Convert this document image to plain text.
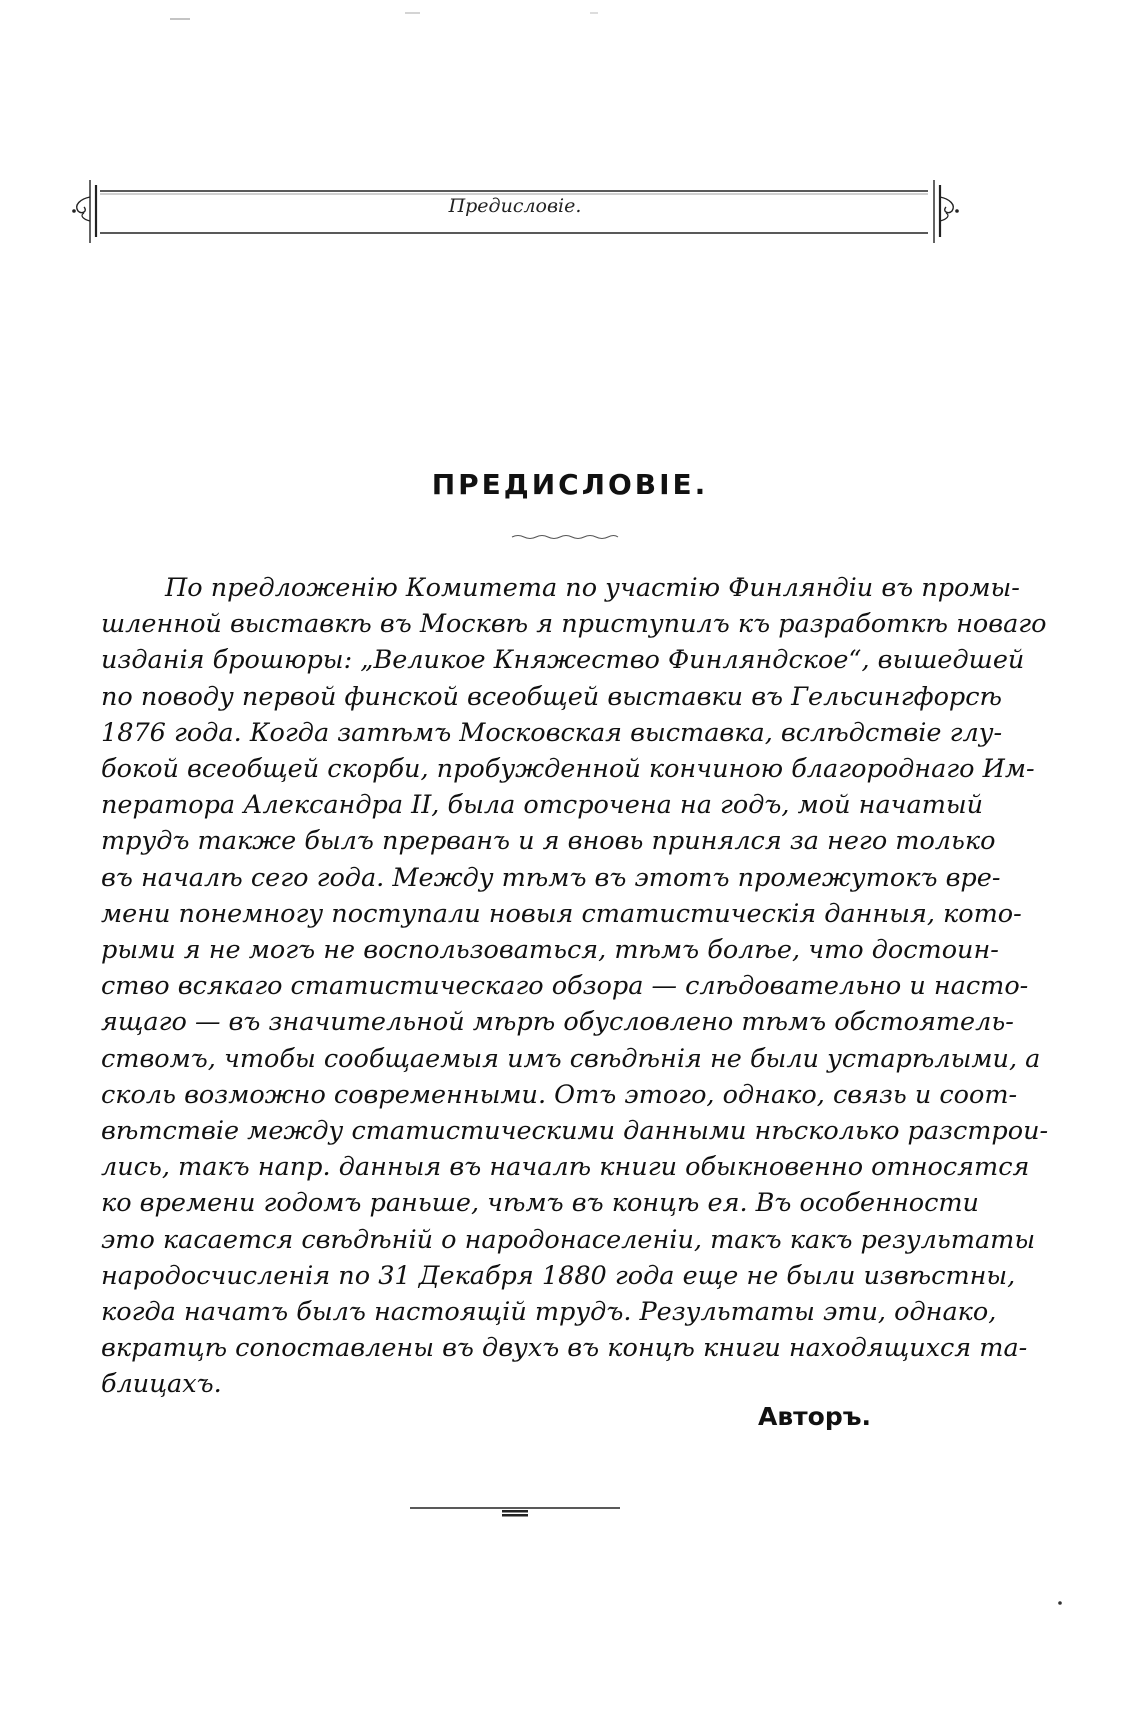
Предисловіе.
ПРЕДИСЛОВІЕ.
По предложенію Комитета по участію Финляндіи въ промы-
шленной выставкѣ въ Москвѣ я приступилъ къ разработкѣ новаго
изданія брошюры: „Великое Княжество Финляндское“, вышедшей
по поводу первой финской всеобщей выставки въ Гельсингфорсѣ
1876 года. Когда затѣмъ Московская выставка, вслѣдствіе глу-
бокой всеобщей скорби, пробужденной кончиною благороднаго Им-
ператора Александра II, была отсрочена на годъ, мой начатый
трудъ также былъ прерванъ и я вновь принялся за него только
въ началѣ сего года. Между тѣмъ въ этотъ промежутокъ вре-
мени понемногу поступали новыя статистическія данныя, кото-
рыми я не могъ не воспользоваться, тѣмъ болѣе, что достоин-
ство всякаго статистическаго обзора — слѣдовательно и насто-
ящаго — въ значительной мѣрѣ обусловлено тѣмъ обстоятель-
ствомъ, чтобы сообщаемыя имъ свѣдѣнія не были устарѣлыми, а
сколь возможно современными. Отъ этого, однако, связь и соот-
вѣтствіе между статистическими данными нѣсколько разстрои-
лись, такъ напр. данныя въ началѣ книги обыкновенно относятся
ко времени годомъ раньше, чѣмъ въ концѣ ея. Въ особенности
это касается свѣдѣній о народонаселеніи, такъ какъ результаты
народосчисленія по 31 Декабря 1880 года еще не были извѣстны,
когда начатъ былъ настоящій трудъ. Результаты эти, однако,
вкратцѣ сопоставлены въ двухъ въ концѣ книги находящихся та-
блицахъ.
Авторъ.
